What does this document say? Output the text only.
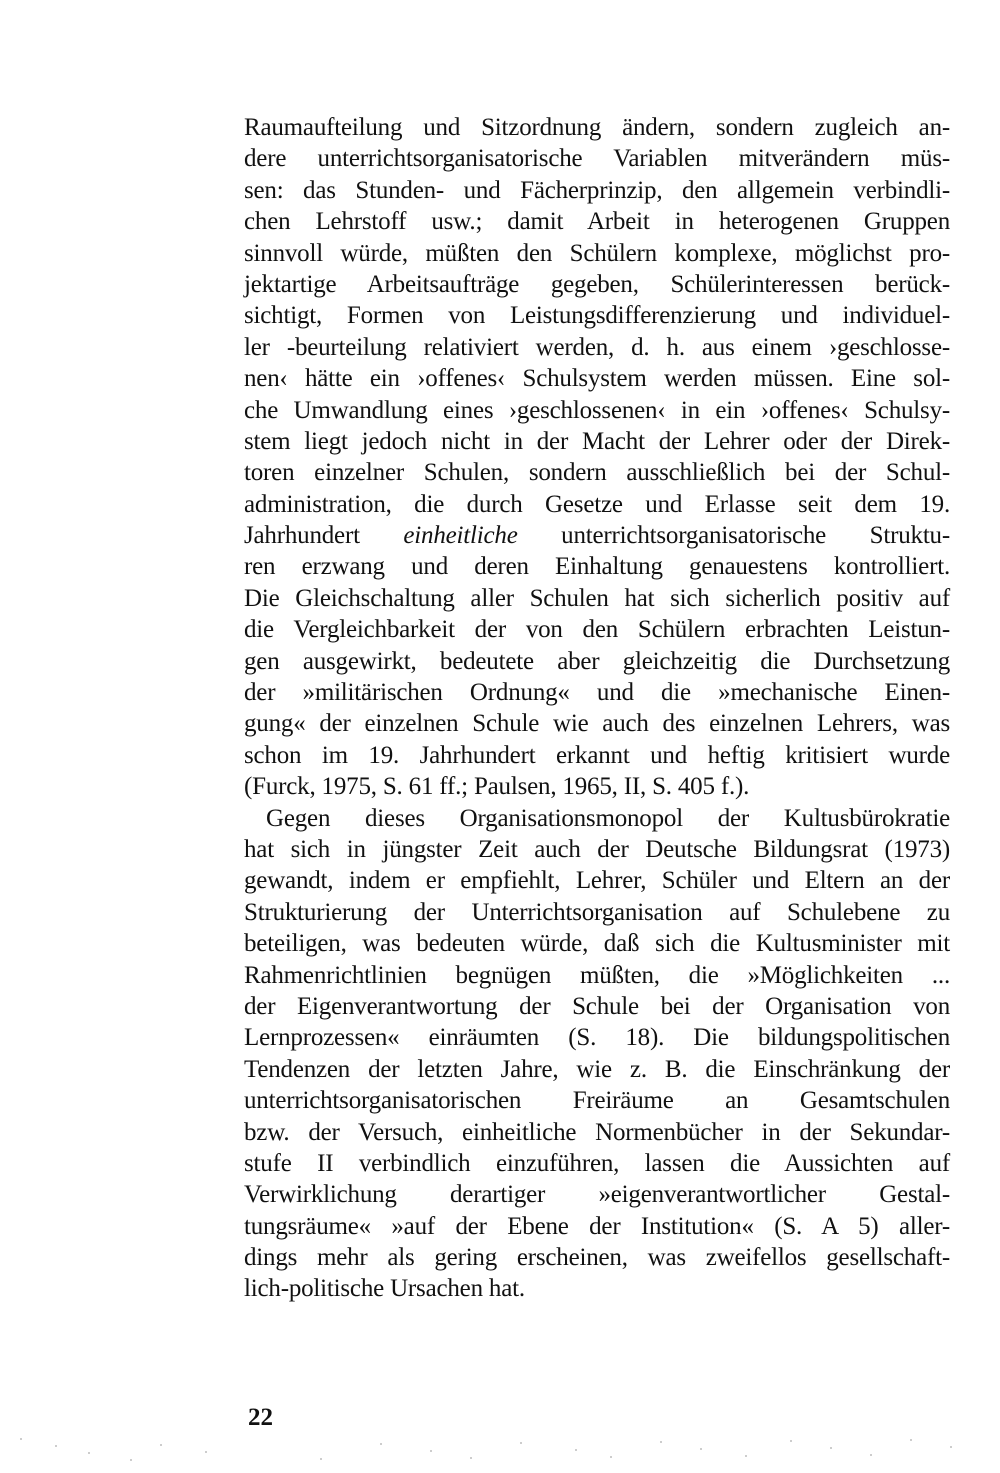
Raumaufteilung und Sitzordnung ändern, sondern zugleich an-
dere unterrichtsorganisatorische Variablen mitverändern müs-
sen: das Stunden- und Fächerprinzip, den allgemein verbindli-
chen Lehrstoff usw.; damit Arbeit in heterogenen Gruppen
sinnvoll würde, müßten den Schülern komplexe, möglichst pro-
jektartige Arbeitsaufträge gegeben, Schülerinteressen berück-
sichtigt, Formen von Leistungsdifferenzierung und individuel-
ler -beurteilung relativiert werden, d. h. aus einem ›geschlosse-
nen‹ hätte ein ›offenes‹ Schulsystem werden müssen. Eine sol-
che Umwandlung eines ›geschlossenen‹ in ein ›offenes‹ Schulsy-
stem liegt jedoch nicht in der Macht der Lehrer oder der Direk-
toren einzelner Schulen, sondern ausschließlich bei der Schul-
administration, die durch Gesetze und Erlasse seit dem 19.
Jahrhundert einheitliche unterrichtsorganisatorische Struktu-
ren erzwang und deren Einhaltung genauestens kontrolliert.
Die Gleichschaltung aller Schulen hat sich sicherlich positiv auf
die Vergleichbarkeit der von den Schülern erbrachten Leistun-
gen ausgewirkt, bedeutete aber gleichzeitig die Durchsetzung
der »militärischen Ordnung« und die »mechanische Einen-
gung« der einzelnen Schule wie auch des einzelnen Lehrers, was
schon im 19. Jahrhundert erkannt und heftig kritisiert wurde
(Furck, 1975, S. 61 ff.; Paulsen, 1965, II, S. 405 f.).
Gegen dieses Organisationsmonopol der Kultusbürokratie
hat sich in jüngster Zeit auch der Deutsche Bildungsrat (1973)
gewandt, indem er empfiehlt, Lehrer, Schüler und Eltern an der
Strukturierung der Unterrichtsorganisation auf Schulebene zu
beteiligen, was bedeuten würde, daß sich die Kultusminister mit
Rahmenrichtlinien begnügen müßten, die »Möglichkeiten ...
der Eigenverantwortung der Schule bei der Organisation von
Lernprozessen« einräumten (S. 18). Die bildungspolitischen
Tendenzen der letzten Jahre, wie z. B. die Einschränkung der
unterrichtsorganisatorischen Freiräume an Gesamtschulen
bzw. der Versuch, einheitliche Normenbücher in der Sekundar-
stufe II verbindlich einzuführen, lassen die Aussichten auf
Verwirklichung derartiger »eigenverantwortlicher Gestal-
tungsräume« »auf der Ebene der Institution« (S. A 5) aller-
dings mehr als gering erscheinen, was zweifellos gesellschaft-
lich-politische Ursachen hat.
22
